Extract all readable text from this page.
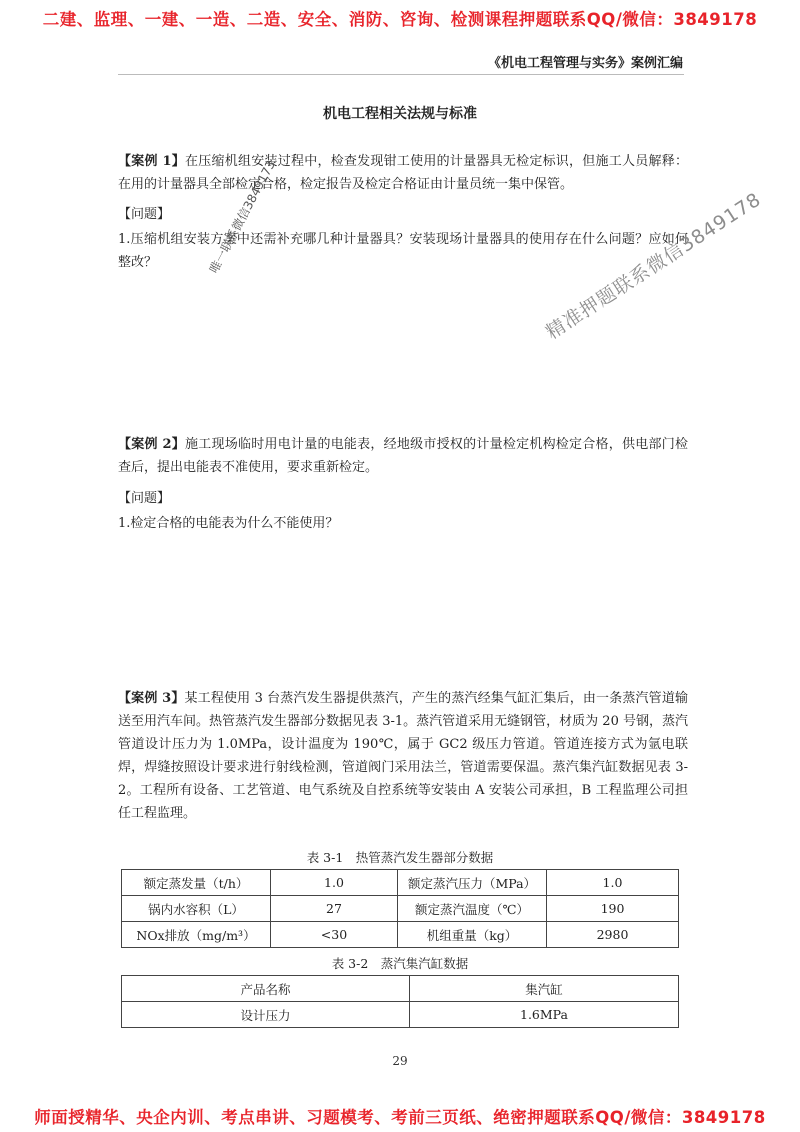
二建、监理、一建、一造、二造、安全、消防、咨询、检测课程押题联系QQ/微信：3849178
《机电工程管理与实务》案例汇编
机电工程相关法规与标准
【案例 1】在压缩机组安装过程中，检查发现钳工使用的计量器具无检定标识，但施工人员解释：在用的计量器具全部检定合格，检定报告及检定合格证由计量员统一集中保管。
【问题】
1.压缩机组安装方案中还需补充哪几种计量器具？安装现场计量器具的使用存在什么问题？应如何整改？
【案例 2】施工现场临时用电计量的电能表，经地级市授权的计量检定机构检定合格，供电部门检查后，提出电能表不准使用，要求重新检定。
【问题】
1.检定合格的电能表为什么不能使用？
【案例 3】某工程使用 3 台蒸汽发生器提供蒸汽，产生的蒸汽经集气缸汇集后，由一条蒸汽管道输送至用汽车间。热管蒸汽发生器部分数据见表 3-1。蒸汽管道采用无缝钢管，材质为 20 号钢，蒸汽管道设计压力为 1.0MPa，设计温度为 190℃，属于 GC2 级压力管道。管道连接方式为氩电联焊，焊缝按照设计要求进行射线检测，管道阀门采用法兰，管道需要保温。蒸汽集汽缸数据见表 3-2。工程所有设备、工艺管道、电气系统及自控系统等安装由 A 安装公司承担，B 工程监理公司担任工程监理。
表 3-1　热管蒸汽发生器部分数据
额定蒸发量（t/h）	1.0	额定蒸汽压力（MPa）	1.0
锅内水容积（L）	27	额定蒸汽温度（℃）	190
NOx排放（mg/m³）	<30	机组重量（kg）	2980
表 3-2　蒸汽集汽缸数据
产品名称	集汽缸
设计压力	1.6MPa
29
唯一联系微信3849173	精准押题联系微信3849178
师面授精华、央企内训、考点串讲、习题模考、考前三页纸、绝密押题联系QQ/微信：3849178
